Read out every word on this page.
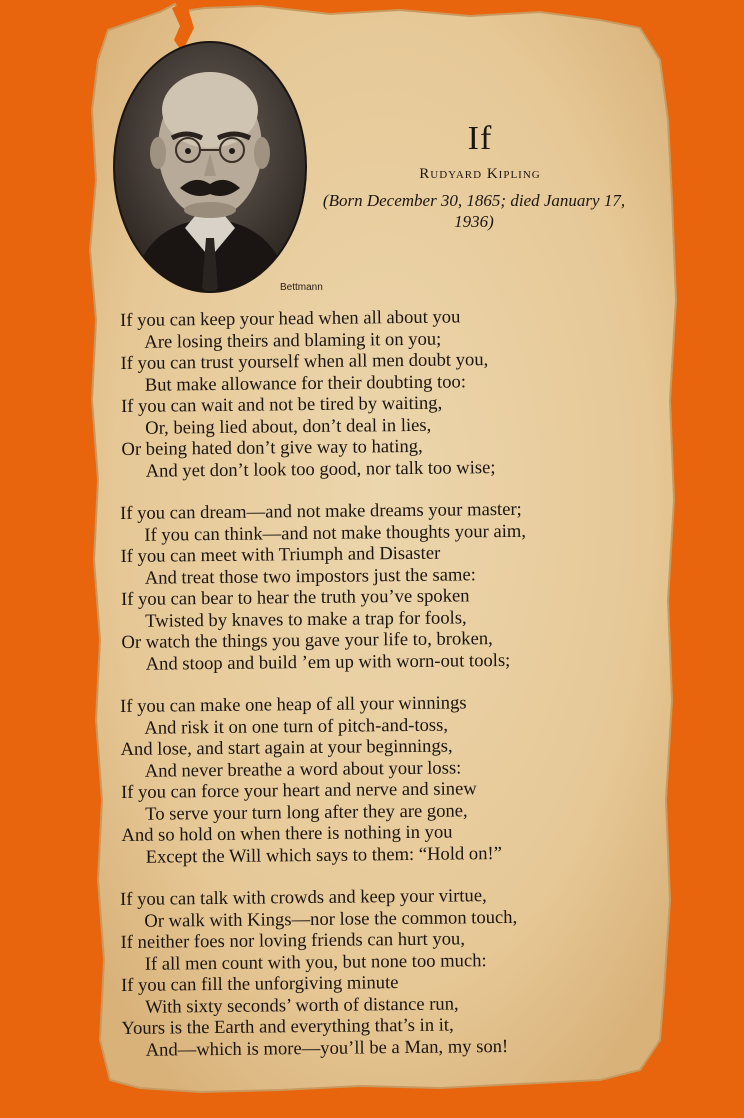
Bettmann
If
Rudyard Kipling
(Born December 30, 1865; died January 17, 1936)
If you can keep your head when all about you
Are losing theirs and blaming it on you;
If you can trust yourself when all men doubt you,
But make allowance for their doubting too:
If you can wait and not be tired by waiting,
Or, being lied about, don’t deal in lies,
Or being hated don’t give way to hating,
And yet don’t look too good, nor talk too wise;
If you can dream—and not make dreams your master;
If you can think—and not make thoughts your aim,
If you can meet with Triumph and Disaster
And treat those two impostors just the same:
If you can bear to hear the truth you’ve spoken
Twisted by knaves to make a trap for fools,
Or watch the things you gave your life to, broken,
And stoop and build ’em up with worn-out tools;
If you can make one heap of all your winnings
And risk it on one turn of pitch-and-toss,
And lose, and start again at your beginnings,
And never breathe a word about your loss:
If you can force your heart and nerve and sinew
To serve your turn long after they are gone,
And so hold on when there is nothing in you
Except the Will which says to them: “Hold on!”
If you can talk with crowds and keep your virtue,
Or walk with Kings—nor lose the common touch,
If neither foes nor loving friends can hurt you,
If all men count with you, but none too much:
If you can fill the unforgiving minute
With sixty seconds’ worth of distance run,
Yours is the Earth and everything that’s in it,
And—which is more—you’ll be a Man, my son!
